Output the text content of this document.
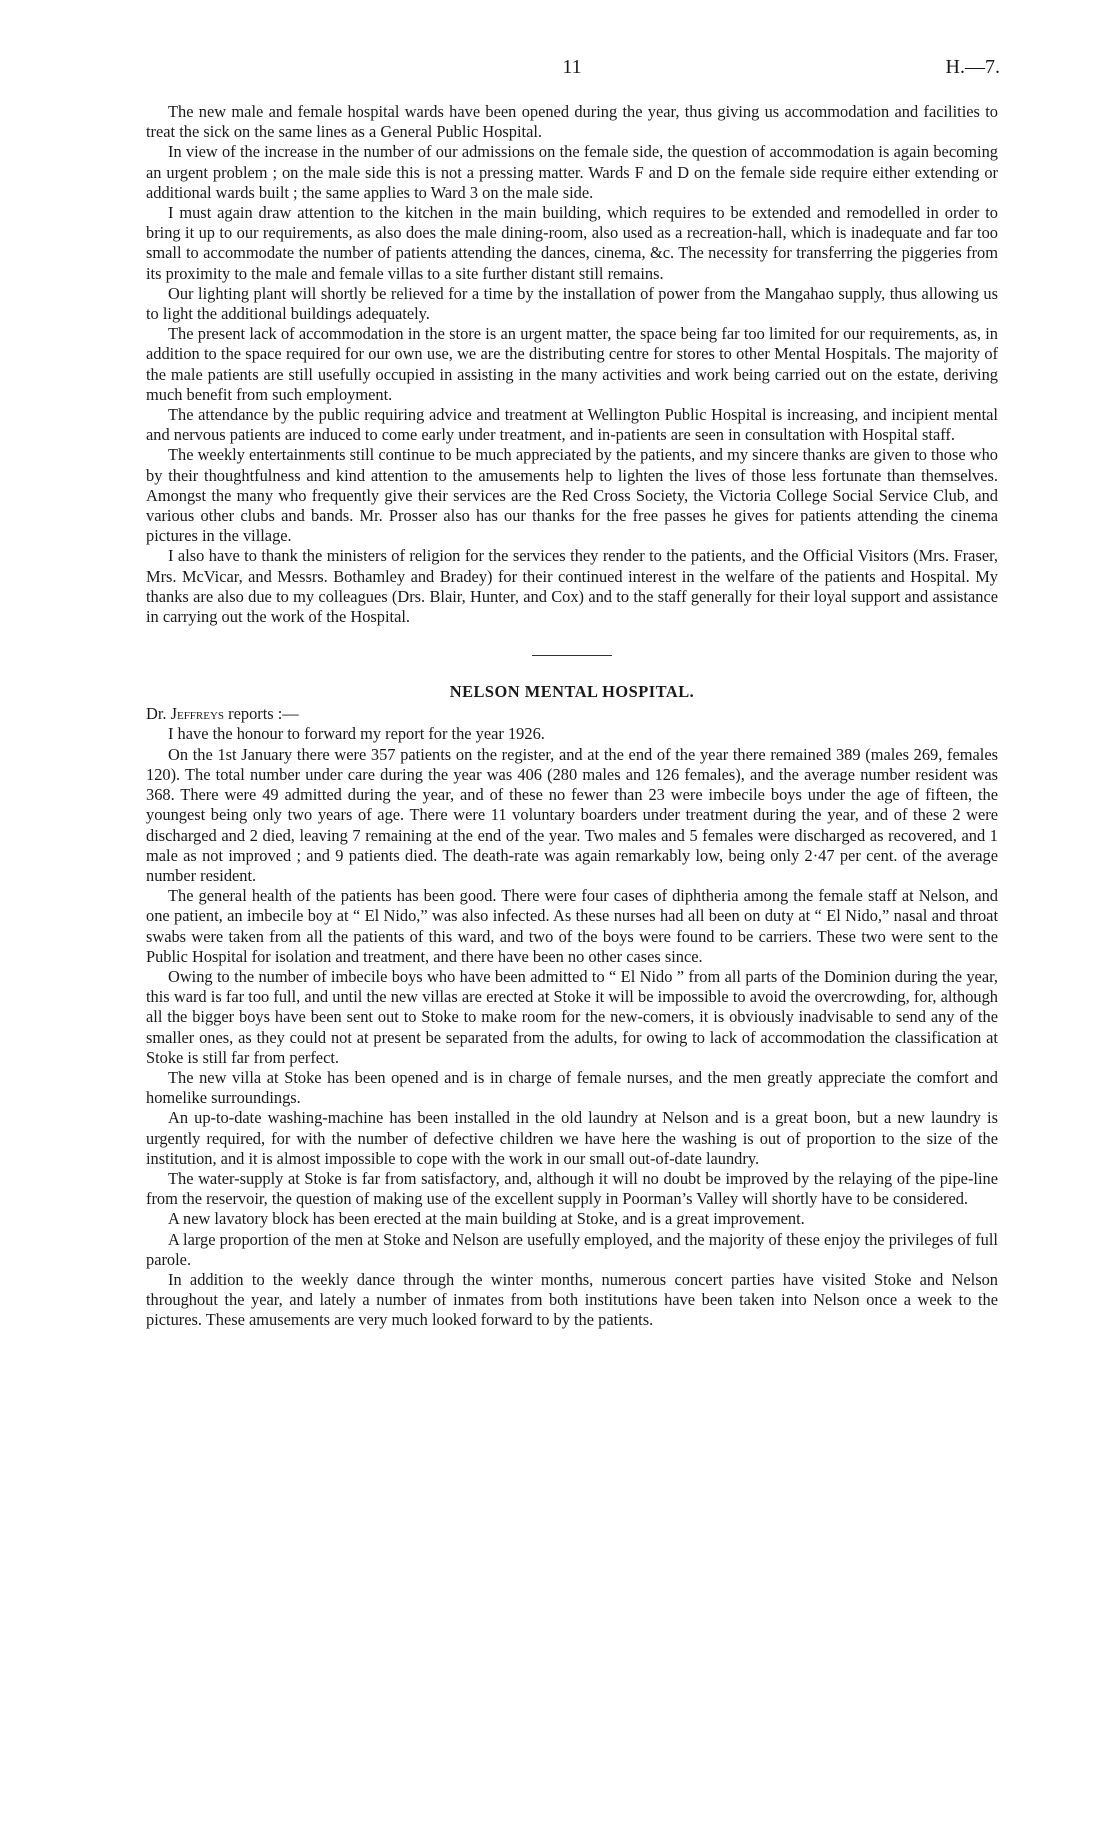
11	H.—7.

The new male and female hospital wards have been opened during the year, thus giving us accommodation and facilities to treat the sick on the same lines as a General Public Hospital.

In view of the increase in the number of our admissions on the female side, the question of accommodation is again becoming an urgent problem ; on the male side this is not a pressing matter. Wards F and D on the female side require either extending or additional wards built ; the same applies to Ward 3 on the male side.

I must again draw attention to the kitchen in the main building, which requires to be extended and remodelled in order to bring it up to our requirements, as also does the male dining-room, also used as a recreation-hall, which is inadequate and far too small to accommodate the number of patients attending the dances, cinema, &c. The necessity for transferring the piggeries from its proximity to the male and female villas to a site further distant still remains.

Our lighting plant will shortly be relieved for a time by the installation of power from the Mangahao supply, thus allowing us to light the additional buildings adequately.

The present lack of accommodation in the store is an urgent matter, the space being far too limited for our requirements, as, in addition to the space required for our own use, we are the distributing centre for stores to other Mental Hospitals. The majority of the male patients are still usefully occupied in assisting in the many activities and work being carried out on the estate, deriving much benefit from such employment.

The attendance by the public requiring advice and treatment at Wellington Public Hospital is increasing, and incipient mental and nervous patients are induced to come early under treatment, and in-patients are seen in consultation with Hospital staff.

The weekly entertainments still continue to be much appreciated by the patients, and my sincere thanks are given to those who by their thoughtfulness and kind attention to the amusements help to lighten the lives of those less fortunate than themselves. Amongst the many who frequently give their services are the Red Cross Society, the Victoria College Social Service Club, and various other clubs and bands. Mr. Prosser also has our thanks for the free passes he gives for patients attending the cinema pictures in the village.

I also have to thank the ministers of religion for the services they render to the patients, and the Official Visitors (Mrs. Fraser, Mrs. McVicar, and Messrs. Bothamley and Bradey) for their continued interest in the welfare of the patients and Hospital. My thanks are also due to my colleagues (Drs. Blair, Hunter, and Cox) and to the staff generally for their loyal support and assistance in carrying out the work of the Hospital.

NELSON MENTAL HOSPITAL.

Dr. Jeffreys reports :—

I have the honour to forward my report for the year 1926.

On the 1st January there were 357 patients on the register, and at the end of the year there remained 389 (males 269, females 120). The total number under care during the year was 406 (280 males and 126 females), and the average number resident was 368. There were 49 admitted during the year, and of these no fewer than 23 were imbecile boys under the age of fifteen, the youngest being only two years of age. There were 11 voluntary boarders under treatment during the year, and of these 2 were discharged and 2 died, leaving 7 remaining at the end of the year. Two males and 5 females were discharged as recovered, and 1 male as not improved ; and 9 patients died. The death-rate was again remarkably low, being only 2·47 per cent. of the average number resident.

The general health of the patients has been good. There were four cases of diphtheria among the female staff at Nelson, and one patient, an imbecile boy at “ El Nido,” was also infected. As these nurses had all been on duty at “ El Nido,” nasal and throat swabs were taken from all the patients of this ward, and two of the boys were found to be carriers. These two were sent to the Public Hospital for isolation and treatment, and there have been no other cases since.

Owing to the number of imbecile boys who have been admitted to “ El Nido ” from all parts of the Dominion during the year, this ward is far too full, and until the new villas are erected at Stoke it will be impossible to avoid the overcrowding, for, although all the bigger boys have been sent out to Stoke to make room for the new-comers, it is obviously inadvisable to send any of the smaller ones, as they could not at present be separated from the adults, for owing to lack of accommodation the classification at Stoke is still far from perfect.

The new villa at Stoke has been opened and is in charge of female nurses, and the men greatly appreciate the comfort and homelike surroundings.

An up-to-date washing-machine has been installed in the old laundry at Nelson and is a great boon, but a new laundry is urgently required, for with the number of defective children we have here the washing is out of proportion to the size of the institution, and it is almost impossible to cope with the work in our small out-of-date laundry.

The water-supply at Stoke is far from satisfactory, and, although it will no doubt be improved by the relaying of the pipe-line from the reservoir, the question of making use of the excellent supply in Poorman’s Valley will shortly have to be considered.

A new lavatory block has been erected at the main building at Stoke, and is a great improvement.

A large proportion of the men at Stoke and Nelson are usefully employed, and the majority of these enjoy the privileges of full parole.

In addition to the weekly dance through the winter months, numerous concert parties have visited Stoke and Nelson throughout the year, and lately a number of inmates from both institutions have been taken into Nelson once a week to the pictures. These amusements are very much looked forward to by the patients.
